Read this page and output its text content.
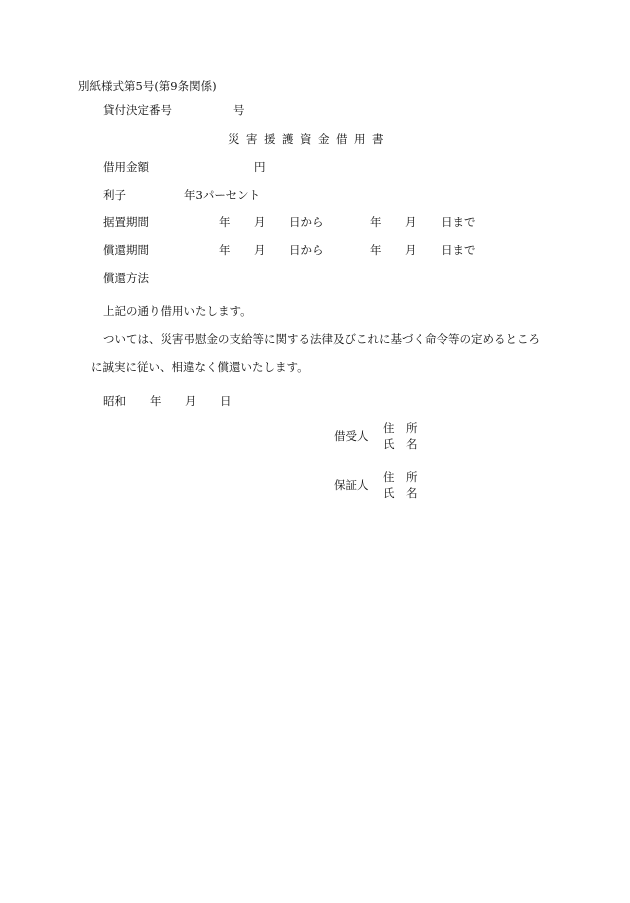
別紙様式第5号(第9条関係)
貸付決定番号	号
災害援護資金借用書
借用金額	円
利子	年3パーセント
据置期間	年 月 日から	年 月 日まで
償還期間	年 月 日から	年 月 日まで
償還方法
上記の通り借用いたします。
ついては、災害弔慰金の支給等に関する法律及びこれに基づく命令等の定めるところ
に誠実に従い、相違なく償還いたします。
昭和 年 月 日
借受人
住　所
氏　名
保証人
住　所
氏　名
